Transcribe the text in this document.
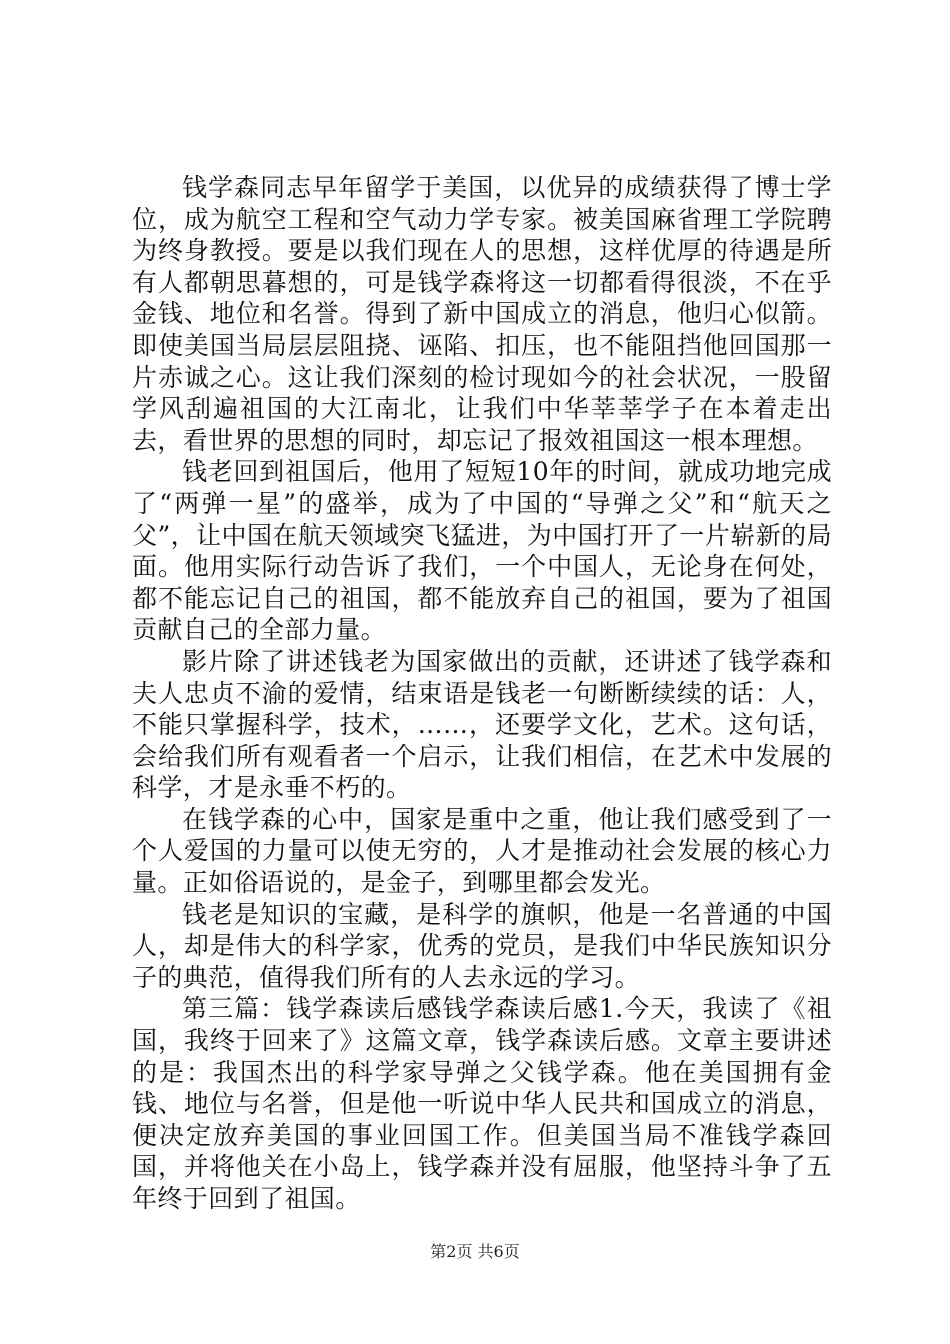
钱学森同志早年留学于美国，以优异的成绩获得了博士学位，成为航空工程和空气动力学专家。被美国麻省理工学院聘为终身教授。要是以我们现在人的思想，这样优厚的待遇是所有人都朝思暮想的，可是钱学森将这一切都看得很淡，不在乎金钱、地位和名誉。得到了新中国成立的消息，他归心似箭。即使美国当局层层阻挠、诬陷、扣压，也不能阻挡他回国那一片赤诚之心。这让我们深刻的检讨现如今的社会状况，一股留学风刮遍祖国的大江南北，让我们中华莘莘学子在本着走出去，看世界的思想的同时，却忘记了报效祖国这一根本理想。

钱老回到祖国后，他用了短短10年的时间，就成功地完成了“两弹一星”的盛举，成为了中国的“导弹之父”和“航天之父”，让中国在航天领域突飞猛进，为中国打开了一片崭新的局面。他用实际行动告诉了我们，一个中国人，无论身在何处，都不能忘记自己的祖国，都不能放弃自己的祖国，要为了祖国贡献自己的全部力量。

影片除了讲述钱老为国家做出的贡献，还讲述了钱学森和夫人忠贞不渝的爱情，结束语是钱老一句断断续续的话：人，不能只掌握科学，技术，……，还要学文化，艺术。这句话，会给我们所有观看者一个启示，让我们相信，在艺术中发展的科学，才是永垂不朽的。

在钱学森的心中，国家是重中之重，他让我们感受到了一个人爱国的力量可以使无穷的，人才是推动社会发展的核心力量。正如俗语说的，是金子，到哪里都会发光。

钱老是知识的宝藏，是科学的旗帜，他是一名普通的中国人，却是伟大的科学家，优秀的党员，是我们中华民族知识分子的典范，值得我们所有的人去永远的学习。

第三篇：钱学森读后感钱学森读后感1.今天，我读了《祖国，我终于回来了》这篇文章，钱学森读后感。文章主要讲述的是：我国杰出的科学家导弹之父钱学森。他在美国拥有金钱、地位与名誉，但是他一听说中华人民共和国成立的消息，便决定放弃美国的事业回国工作。但美国当局不准钱学森回国，并将他关在小岛上，钱学森并没有屈服，他坚持斗争了五年终于回到了祖国。

第2页 共6页
